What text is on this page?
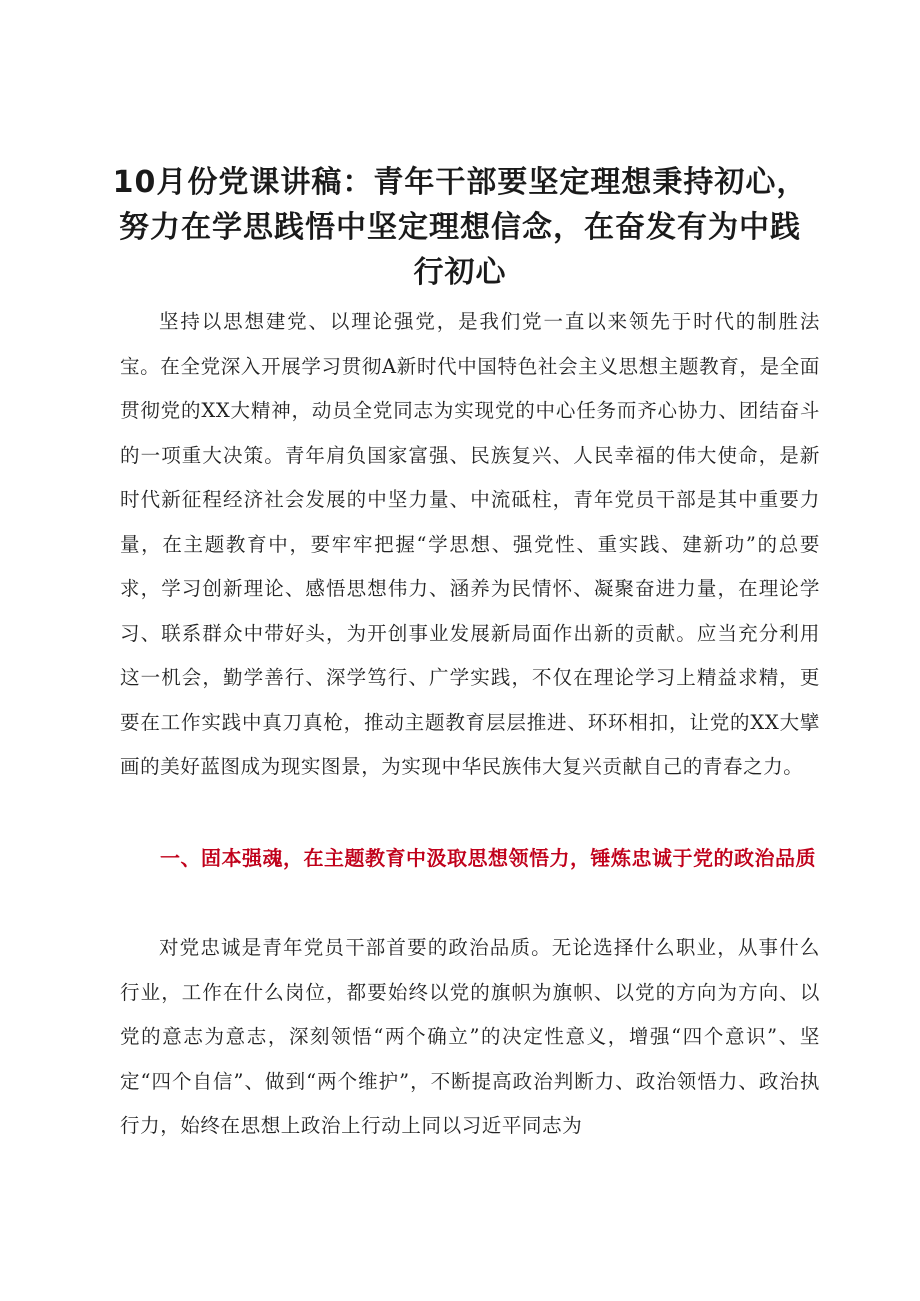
10月份党课讲稿：青年干部要坚定理想秉持初心，努力在学思践悟中坚定理想信念，在奋发有为中践行初心

坚持以思想建党、以理论强党，是我们党一直以来领先于时代的制胜法宝。在全党深入开展学习贯彻A新时代中国特色社会主义思想主题教育，是全面贯彻党的XX大精神，动员全党同志为实现党的中心任务而齐心协力、团结奋斗的一项重大决策。青年肩负国家富强、民族复兴、人民幸福的伟大使命，是新时代新征程经济社会发展的中坚力量、中流砥柱，青年党员干部是其中重要力量，在主题教育中，要牢牢把握“学思想、强党性、重实践、建新功”的总要求，学习创新理论、感悟思想伟力、涵养为民情怀、凝聚奋进力量，在理论学习、联系群众中带好头，为开创事业发展新局面作出新的贡献。应当充分利用这一机会，勤学善行、深学笃行、广学实践，不仅在理论学习上精益求精，更要在工作实践中真刀真枪，推动主题教育层层推进、环环相扣，让党的XX大擘画的美好蓝图成为现实图景，为实现中华民族伟大复兴贡献自己的青春之力。

一、固本强魂，在主题教育中汲取思想领悟力，锤炼忠诚于党的政治品质

对党忠诚是青年党员干部首要的政治品质。无论选择什么职业，从事什么行业，工作在什么岗位，都要始终以党的旗帜为旗帜、以党的方向为方向、以党的意志为意志，深刻领悟“两个确立”的决定性意义，增强“四个意识”、坚定“四个自信”、做到“两个维护”，不断提高政治判断力、政治领悟力、政治执行力，始终在思想上政治上行动上同以习近平同志为
